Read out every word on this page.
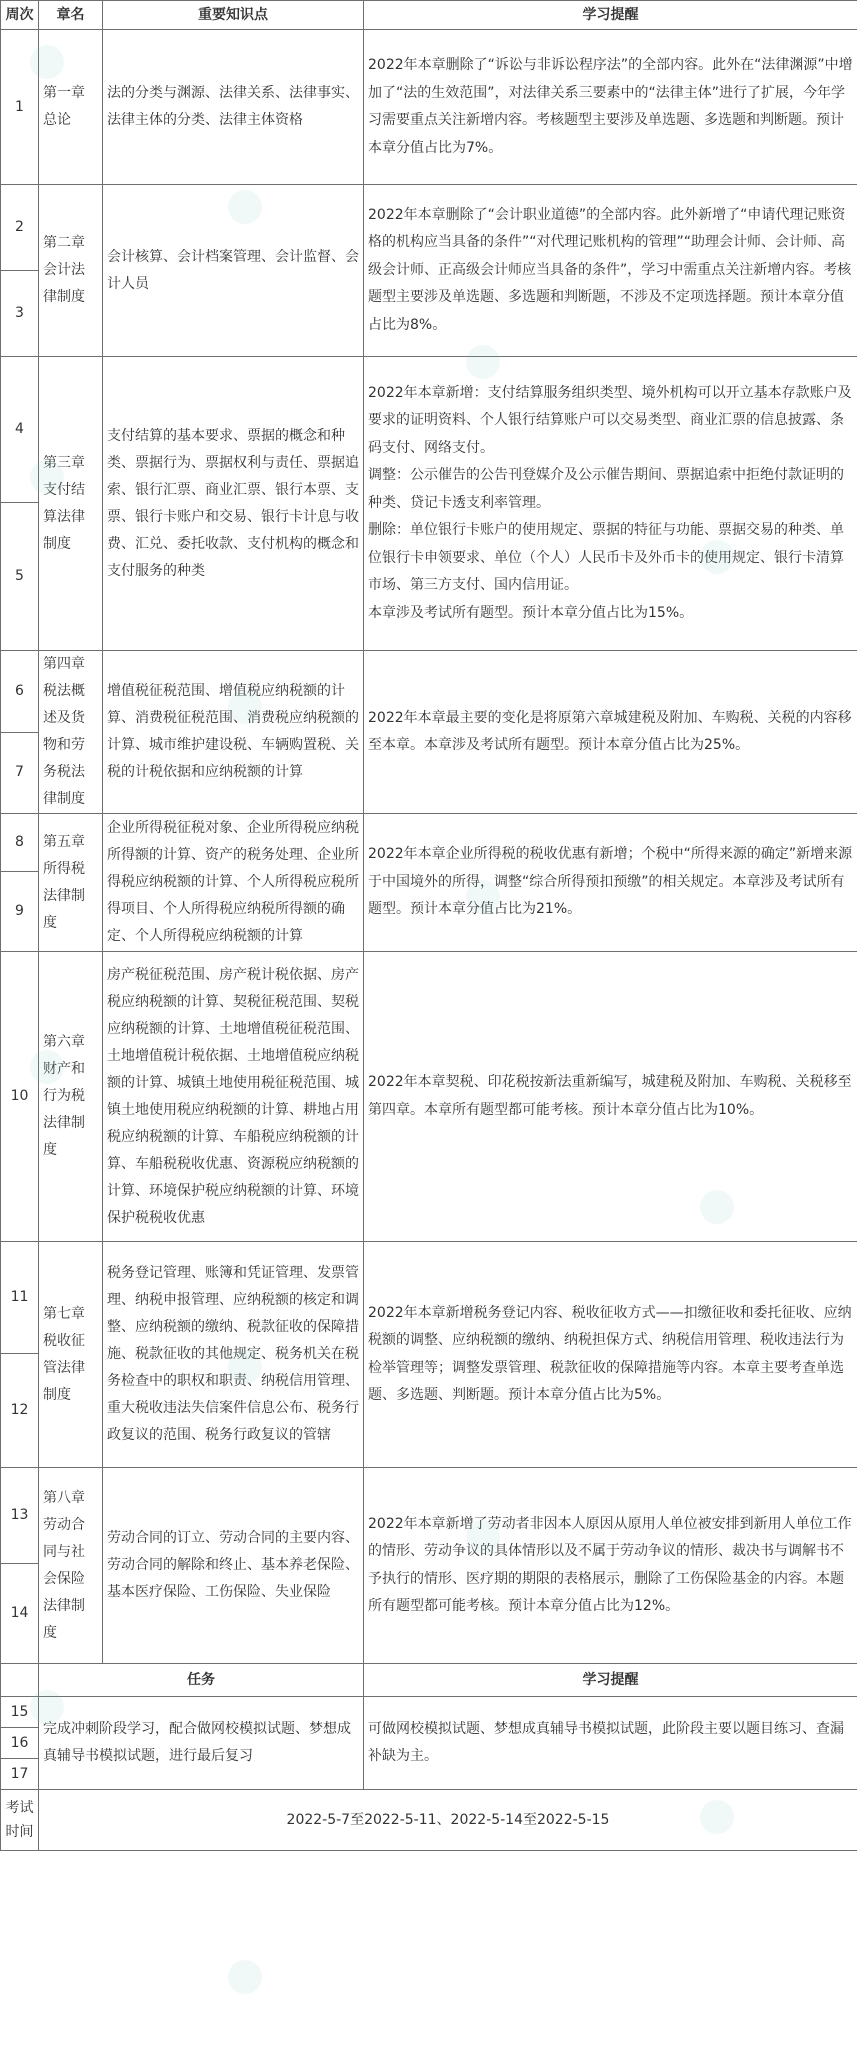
周次	章名	重要知识点	学习提醒
1	第一章 总论	法的分类与渊源、法律关系、法律事实、法律主体的分类、法律主体资格	2022年本章删除了“诉讼与非诉讼程序法”的全部内容。此外在“法律渊源”中增加了“法的生效范围”，对法律关系三要素中的“法律主体”进行了扩展，今年学习需要重点关注新增内容。考核题型主要涉及单选题、多选题和判断题。预计本章分值占比为7%。
2	第二章 会计法律制度	会计核算、会计档案管理、会计监督、会计人员	2022年本章删除了“会计职业道德”的全部内容。此外新增了“申请代理记账资格的机构应当具备的条件”“对代理记账机构的管理”“助理会计师、会计师、高级会计师、正高级会计师应当具备的条件”，学习中需重点关注新增内容。考核题型主要涉及单选题、多选题和判断题，不涉及不定项选择题。预计本章分值占比为8%。
3			
4	第三章 支付结算法律制度	支付结算的基本要求、票据的概念和种类、票据行为、票据权利与责任、票据追索、银行汇票、商业汇票、银行本票、支票、银行卡账户和交易、银行卡计息与收费、汇兑、委托收款、支付机构的概念和支付服务的种类	2022年本章新增：支付结算服务组织类型、境外机构可以开立基本存款账户及要求的证明资料、个人银行结算账户可以交易类型、商业汇票的信息披露、条码支付、网络支付。
调整：公示催告的公告刊登媒介及公示催告期间、票据追索中拒绝付款证明的种类、贷记卡透支利率管理。
删除：单位银行卡账户的使用规定、票据的特征与功能、票据交易的种类、单位银行卡申领要求、单位（个人）人民币卡及外币卡的使用规定、银行卡清算市场、第三方支付、国内信用证。
本章涉及考试所有题型。预计本章分值占比为15%。
5			
6	第四章 税法概述及货物和劳务税法律制度	增值税征税范围、增值税应纳税额的计算、消费税征税范围、消费税应纳税额的计算、城市维护建设税、车辆购置税、关税的计税依据和应纳税额的计算	2022年本章最主要的变化是将原第六章城建税及附加、车购税、关税的内容移至本章。本章涉及考试所有题型。预计本章分值占比为25%。
7			
8	第五章 所得税法律制度	企业所得税征税对象、企业所得税应纳税所得额的计算、资产的税务处理、企业所得税应纳税额的计算、个人所得税应税所得项目、个人所得税应纳税所得额的确定、个人所得税应纳税额的计算	2022年本章企业所得税的税收优惠有新增；个税中“所得来源的确定”新增来源于中国境外的所得，调整“综合所得预扣预缴”的相关规定。本章涉及考试所有题型。预计本章分值占比为21%。
9			
10	第六章 财产和行为税法律制度	房产税征税范围、房产税计税依据、房产税应纳税额的计算、契税征税范围、契税应纳税额的计算、土地增值税征税范围、土地增值税计税依据、土地增值税应纳税额的计算、城镇土地使用税征税范围、城镇土地使用税应纳税额的计算、耕地占用税应纳税额的计算、车船税应纳税额的计算、车船税税收优惠、资源税应纳税额的计算、环境保护税应纳税额的计算、环境保护税税收优惠	2022年本章契税、印花税按新法重新编写，城建税及附加、车购税、关税移至第四章。本章所有题型都可能考核。预计本章分值占比为10%。
11	第七章 税收征管法律制度	税务登记管理、账簿和凭证管理、发票管理、纳税申报管理、应纳税额的核定和调整、应纳税额的缴纳、税款征收的保障措施、税款征收的其他规定、税务机关在税务检查中的职权和职责、纳税信用管理、重大税收违法失信案件信息公布、税务行政复议的范围、税务行政复议的管辖	2022年本章新增税务登记内容、税收征收方式——扣缴征收和委托征收、应纳税额的调整、应纳税额的缴纳、纳税担保方式、纳税信用管理、税收违法行为检举管理等；调整发票管理、税款征收的保障措施等内容。本章主要考查单选题、多选题、判断题。预计本章分值占比为5%。
12			
13	第八章 劳动合同与社会保险法律制度	劳动合同的订立、劳动合同的主要内容、劳动合同的解除和终止、基本养老保险、基本医疗保险、工伤保险、失业保险	2022年本章新增了劳动者非因本人原因从原用人单位被安排到新用人单位工作的情形、劳动争议的具体情形以及不属于劳动争议的情形、裁决书与调解书不予执行的情形、医疗期的期限的表格展示，删除了工伤保险基金的内容。本题所有题型都可能考核。预计本章分值占比为12%。
14			
	任务		学习提醒
15	完成冲刺阶段学习，配合做网校模拟试题、梦想成真辅导书模拟试题，进行最后复习		可做网校模拟试题、梦想成真辅导书模拟试题，此阶段主要以题目练习、查漏补缺为主。
16			
17			
考试时间	2022-5-7至2022-5-11、2022-5-14至2022-5-15		
